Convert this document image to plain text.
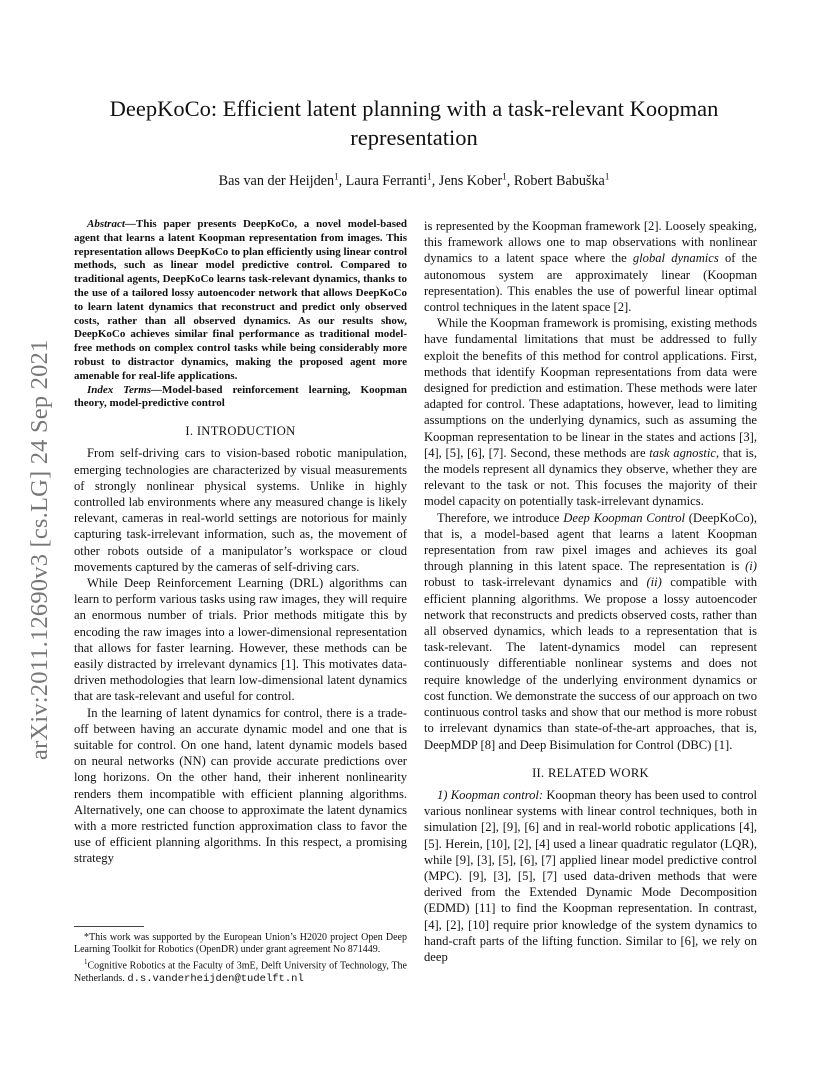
DeepKoCo: Efficient latent planning with a task-relevant Koopman representation
Bas van der Heijden$^1$, Laura Ferranti$^1$, Jens Kober$^1$, Robert Babuška$^1$
arXiv:2011.12690v3 [cs.LG] 24 Sep 2021

Abstract—This paper presents DeepKoCo, a novel model-based agent that learns a latent Koopman representation from images. This representation allows DeepKoCo to plan efficiently using linear control methods, such as linear model predictive control. Compared to traditional agents, DeepKoCo learns task-relevant dynamics, thanks to the use of a tailored lossy autoencoder network that allows DeepKoCo to learn latent dynamics that reconstruct and predict only observed costs, rather than all observed dynamics. As our results show, DeepKoCo achieves similar final performance as traditional model-free methods on complex control tasks while being considerably more robust to distractor dynamics, making the proposed agent more amenable for real-life applications.

Index Terms—Model-based reinforcement learning, Koopman theory, model-predictive control

I. INTRODUCTION

From self-driving cars to vision-based robotic manipulation, emerging technologies are characterized by visual measurements of strongly nonlinear physical systems. Unlike in highly controlled lab environments where any measured change is likely relevant, cameras in real-world settings are notorious for mainly capturing task-irrelevant information, such as, the movement of other robots outside of a manipulator’s workspace or cloud movements captured by the cameras of self-driving cars.

While Deep Reinforcement Learning (DRL) algorithms can learn to perform various tasks using raw images, they will require an enormous number of trials. Prior methods mitigate this by encoding the raw images into a lower-dimensional representation that allows for faster learning. However, these methods can be easily distracted by irrelevant dynamics [1]. This motivates data-driven methodologies that learn low-dimensional latent dynamics that are task-relevant and useful for control.

In the learning of latent dynamics for control, there is a trade-off between having an accurate dynamic model and one that is suitable for control. On one hand, latent dynamic models based on neural networks (NN) can provide accurate predictions over long horizons. On the other hand, their inherent nonlinearity renders them incompatible with efficient planning algorithms. Alternatively, one can choose to approximate the latent dynamics with a more restricted function approximation class to favor the use of efficient planning algorithms. In this respect, a promising strategy

*This work was supported by the European Union’s H2020 project Open Deep Learning Toolkit for Robotics (OpenDR) under grant agreement No 871449.

$^1$Cognitive Robotics at the Faculty of 3mE, Delft University of Technology, The Netherlands. d.s.vanderheijden@tudelft.nl

is represented by the Koopman framework [2]. Loosely speaking, this framework allows one to map observations with nonlinear dynamics to a latent space where the global dynamics of the autonomous system are approximately linear (Koopman representation). This enables the use of powerful linear optimal control techniques in the latent space [2].

While the Koopman framework is promising, existing methods have fundamental limitations that must be addressed to fully exploit the benefits of this method for control applications. First, methods that identify Koopman representations from data were designed for prediction and estimation. These methods were later adapted for control. These adaptations, however, lead to limiting assumptions on the underlying dynamics, such as assuming the Koopman representation to be linear in the states and actions [3], [4], [5], [6], [7]. Second, these methods are task agnostic, that is, the models represent all dynamics they observe, whether they are relevant to the task or not. This focuses the majority of their model capacity on potentially task-irrelevant dynamics.

Therefore, we introduce Deep Koopman Control (DeepKoCo), that is, a model-based agent that learns a latent Koopman representation from raw pixel images and achieves its goal through planning in this latent space. The representation is (i) robust to task-irrelevant dynamics and (ii) compatible with efficient planning algorithms. We propose a lossy autoencoder network that reconstructs and predicts observed costs, rather than all observed dynamics, which leads to a representation that is task-relevant. The latent-dynamics model can represent continuously differentiable nonlinear systems and does not require knowledge of the underlying environment dynamics or cost function. We demonstrate the success of our approach on two continuous control tasks and show that our method is more robust to irrelevant dynamics than state-of-the-art approaches, that is, DeepMDP [8] and Deep Bisimulation for Control (DBC) [1].

II. RELATED WORK

1) Koopman control: Koopman theory has been used to control various nonlinear systems with linear control techniques, both in simulation [2], [9], [6] and in real-world robotic applications [4], [5]. Herein, [10], [2], [4] used a linear quadratic regulator (LQR), while [9], [3], [5], [6], [7] applied linear model predictive control (MPC). [9], [3], [5], [7] used data-driven methods that were derived from the Extended Dynamic Mode Decomposition (EDMD) [11] to find the Koopman representation. In contrast, [4], [2], [10] require prior knowledge of the system dynamics to hand-craft parts of the lifting function. Similar to [6], we rely on deep
